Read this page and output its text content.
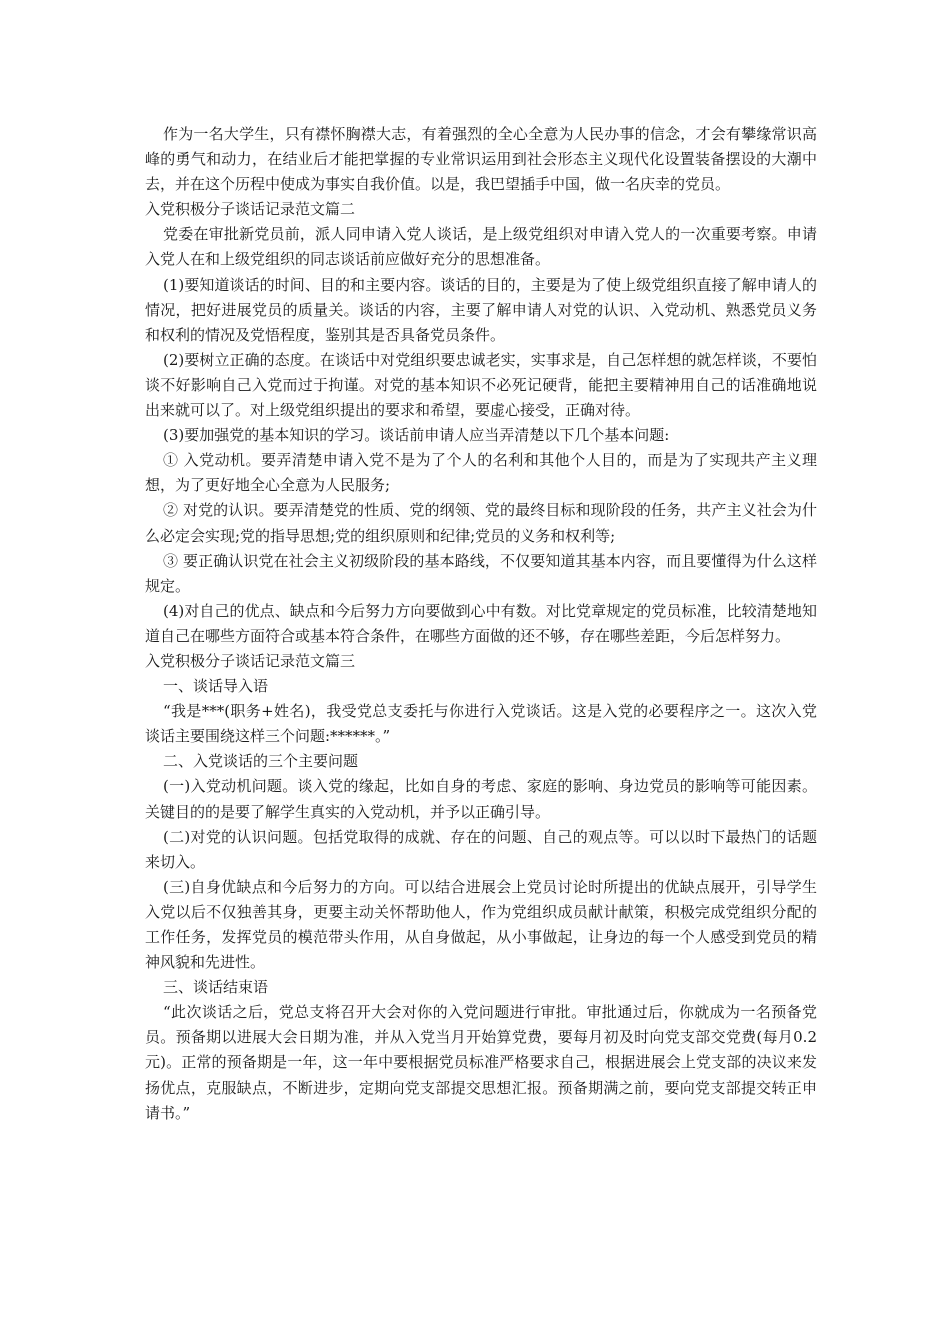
作为一名大学生，只有襟怀胸襟大志，有着强烈的全心全意为人民办事的信念，才会有攀缘常识高峰的勇气和动力，在结业后才能把掌握的专业常识运用到社会形态主义现代化设置装备摆设的大潮中去，并在这个历程中使成为事实自我价值。以是，我巴望插手中国，做一名庆幸的党员。

入党积极分子谈话记录范文篇二

党委在审批新党员前，派人同申请入党人谈话，是上级党组织对申请入党人的一次重要考察。申请入党人在和上级党组织的同志谈话前应做好充分的思想准备。

(1)要知道谈话的时间、目的和主要内容。谈话的目的，主要是为了使上级党组织直接了解申请人的情况，把好进展党员的质量关。谈话的内容，主要了解申请人对党的认识、入党动机、熟悉党员义务和权利的情况及党悟程度，鉴别其是否具备党员条件。

(2)要树立正确的态度。在谈话中对党组织要忠诚老实，实事求是，自己怎样想的就怎样谈，不要怕谈不好影响自己入党而过于拘谨。对党的基本知识不必死记硬背，能把主要精神用自己的话准确地说出来就可以了。对上级党组织提出的要求和希望，要虚心接受，正确对待。

(3)要加强党的基本知识的学习。谈话前申请人应当弄清楚以下几个基本问题:

① 入党动机。要弄清楚申请入党不是为了个人的名利和其他个人目的，而是为了实现共产主义理想，为了更好地全心全意为人民服务;

② 对党的认识。要弄清楚党的性质、党的纲领、党的最终目标和现阶段的任务，共产主义社会为什么必定会实现;党的指导思想;党的组织原则和纪律;党员的义务和权利等;

③ 要正确认识党在社会主义初级阶段的基本路线，不仅要知道其基本内容，而且要懂得为什么这样规定。

(4)对自己的优点、缺点和今后努力方向要做到心中有数。对比党章规定的党员标准，比较清楚地知道自己在哪些方面符合或基本符合条件，在哪些方面做的还不够，存在哪些差距，今后怎样努力。

入党积极分子谈话记录范文篇三

一、谈话导入语

“我是***(职务+姓名)，我受党总支委托与你进行入党谈话。这是入党的必要程序之一。这次入党谈话主要围绕这样三个问题:******。”

二、入党谈话的三个主要问题

(一)入党动机问题。谈入党的缘起，比如自身的考虑、家庭的影响、身边党员的影响等可能因素。关键目的的是要了解学生真实的入党动机，并予以正确引导。

(二)对党的认识问题。包括党取得的成就、存在的问题、自己的观点等。可以以时下最热门的话题来切入。

(三)自身优缺点和今后努力的方向。可以结合进展会上党员讨论时所提出的优缺点展开，引导学生入党以后不仅独善其身，更要主动关怀帮助他人，作为党组织成员献计献策，积极完成党组织分配的工作任务，发挥党员的模范带头作用，从自身做起，从小事做起，让身边的每一个人感受到党员的精神风貌和先进性。

三、谈话结束语

“此次谈话之后，党总支将召开大会对你的入党问题进行审批。审批通过后，你就成为一名预备党员。预备期以进展大会日期为准，并从入党当月开始算党费，要每月初及时向党支部交党费(每月0.2元)。正常的预备期是一年，这一年中要根据党员标准严格要求自己，根据进展会上党支部的决议来发扬优点，克服缺点，不断进步，定期向党支部提交思想汇报。预备期满之前，要向党支部提交转正申请书。”
